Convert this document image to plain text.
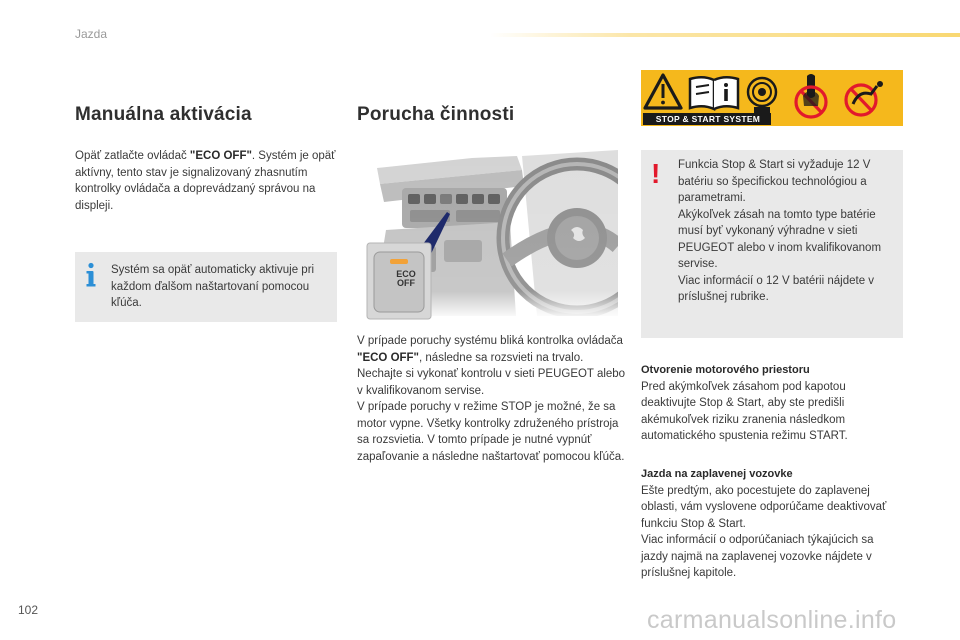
Jazda
Manuálna aktivácia
Opäť zatlačte ovládač "ECO OFF". Systém je opäť aktívny, tento stav je signalizovaný zhasnutím kontrolky ovládača a doprevádzaný správou na displeji.
Systém sa opäť automaticky aktivuje pri každom ďalšom naštartovaní pomocou kľúča.
Porucha činnosti
ECO
OFF
V prípade poruchy systému bliká kontrolka ovládača "ECO OFF", následne sa rozsvieti na trvalo.
Nechajte si vykonať kontrolu v sieti PEUGEOT alebo v kvalifikovanom servise.
V prípade poruchy v režime STOP je možné, že sa motor vypne. Všetky kontrolky združeného prístroja sa rozsvietia. V tomto prípade je nutné vypnúť zapaľovanie a následne naštartovať pomocou kľúča.
STOP & START SYSTEM
! Funkcia Stop & Start si vyžaduje 12 V batériu so špecifickou technológiou a parametrami.
Akýkoľvek zásah na tomto type batérie musí byť vykonaný výhradne v sieti PEUGEOT alebo v inom kvalifikovanom servise.
Viac informácií o 12 V batérii nájdete v príslušnej rubrike.
Otvorenie motorového priestoru
Pred akýmkoľvek zásahom pod kapotou deaktivujte Stop & Start, aby ste predišli akémukoľvek riziku zranenia následkom automatického spustenia režimu START.
Jazda na zaplavenej vozovke
Ešte predtým, ako pocestujete do zaplavenej oblasti, vám vyslovene odporúčame deaktivovať funkciu Stop & Start.
Viac informácií o odporúčaniach týkajúcich sa jazdy najmä na zaplavenej vozovke nájdete v príslušnej kapitole.
102	carmanualsonline.info
